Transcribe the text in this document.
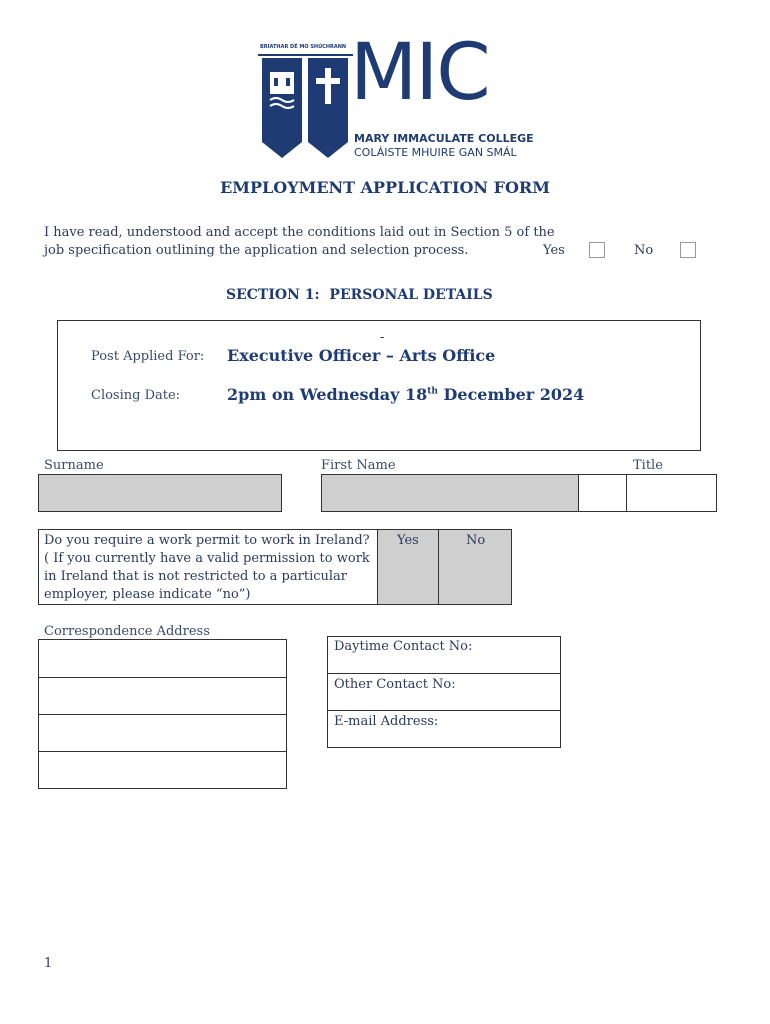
BRIATHAR DÉ MO SHÚCHRANN MIC
MARY IMMACULATE COLLEGE
COLÁISTE MHUIRE GAN SMÁL
EMPLOYMENT APPLICATION FORM
I have read, understood and accept the conditions laid out in Section 5 of the
job specification outlining the application and selection process.	Yes	No
SECTION 1:  PERSONAL DETAILS
-
Post Applied For: Executive Officer – Arts Office
Closing Date:	2pm on Wednesday 18th December 2024
Surname	First Name	Title
Do you require a work permit to work in Ireland?
( If you currently have a valid permission to work
in Ireland that is not restricted to a particular
employer, please indicate “no”)
Yes	No
Correspondence Address
Daytime Contact No:
Other Contact No:
E-mail Address:
1
